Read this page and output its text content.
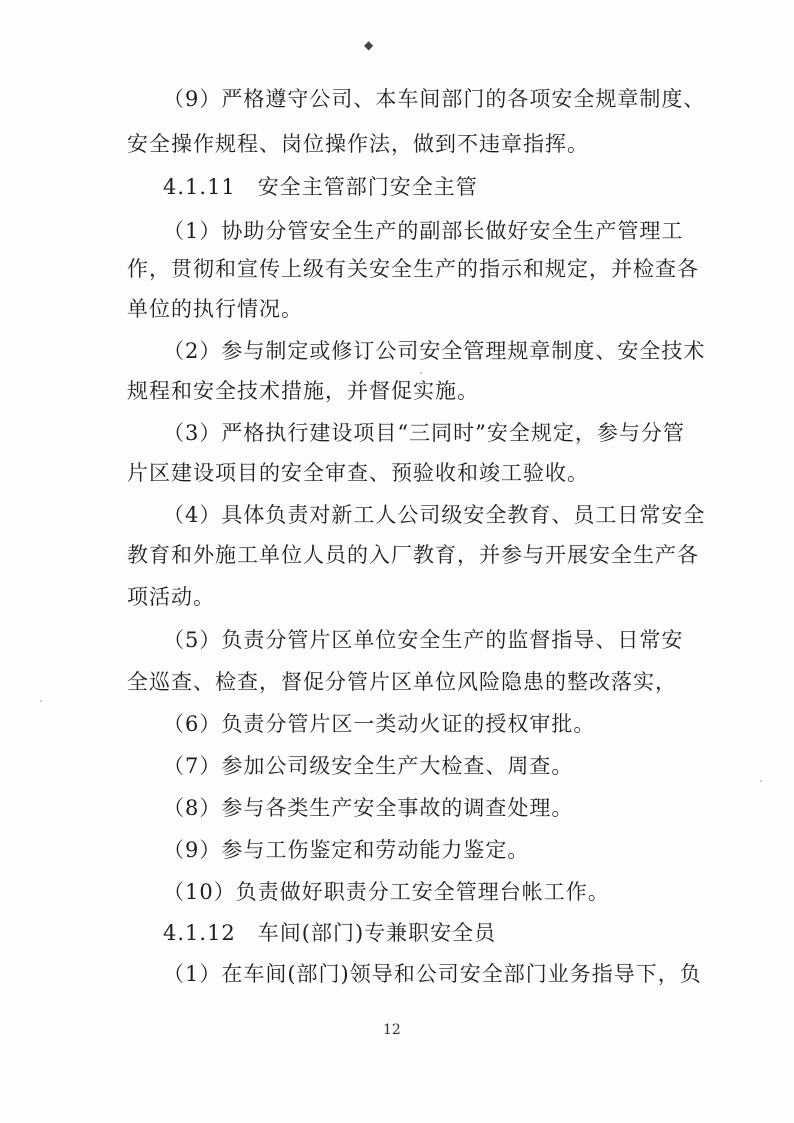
◆
（9）严格遵守公司、本车间部门的各项安全规章制度、
安全操作规程、岗位操作法，做到不违章指挥。
4.1.11　安全主管部门安全主管
（1）协助分管安全生产的副部长做好安全生产管理工
作，贯彻和宣传上级有关安全生产的指示和规定，并检查各
单位的执行情况。
（2）参与制定或修订公司安全管理规章制度、安全技术
规程和安全技术措施，并督促实施。
（3）严格执行建设项目“三同时”安全规定，参与分管
片区建设项目的安全审查、预验收和竣工验收。
（4）具体负责对新工人公司级安全教育、员工日常安全
教育和外施工单位人员的入厂教育，并参与开展安全生产各
项活动。
（5）负责分管片区单位安全生产的监督指导、日常安
全巡查、检查，督促分管片区单位风险隐患的整改落实，
（6）负责分管片区一类动火证的授权审批。
（7）参加公司级安全生产大检查、周查。
（8）参与各类生产安全事故的调查处理。
（9）参与工伤鉴定和劳动能力鉴定。
（10）负责做好职责分工安全管理台帐工作。
4.1.12　车间(部门)专兼职安全员
（1）在车间(部门)领导和公司安全部门业务指导下，负
12
